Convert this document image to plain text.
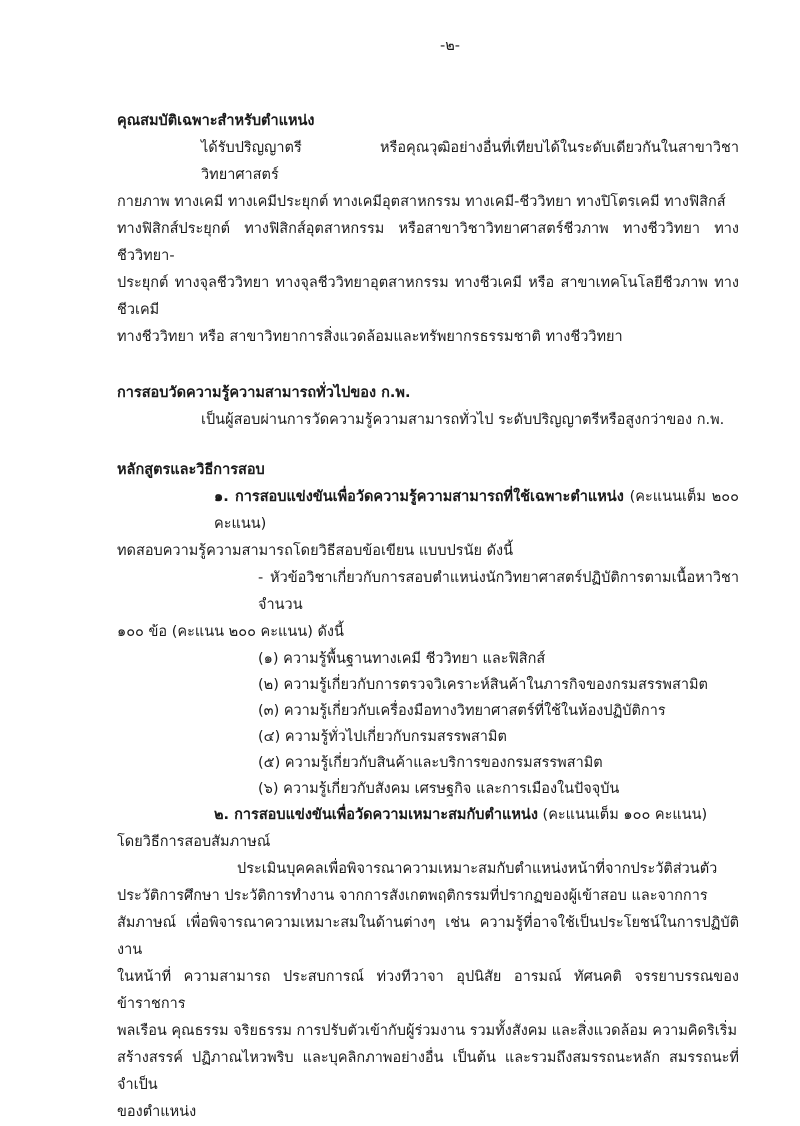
-๒-
คุณสมบัติเฉพาะสำหรับตำแหน่ง
ได้รับปริญญาตรี หรือคุณวุฒิอย่างอื่นที่เทียบได้ในระดับเดียวกันในสาขาวิชาวิทยาศาสตร์
กายภาพ ทางเคมี ทางเคมีประยุกต์ ทางเคมีอุตสาหกรรม ทางเคมี-ชีววิทยา ทางปิโตรเคมี ทางฟิสิกส์
ทางฟิสิกส์ประยุกต์ ทางฟิสิกส์อุตสาหกรรม หรือสาขาวิชาวิทยาศาสตร์ชีวภาพ ทางชีววิทยา ทางชีววิทยา-
ประยุกต์ ทางจุลชีววิทยา ทางจุลชีววิทยาอุตสาหกรรม ทางชีวเคมี หรือ สาขาเทคโนโลยีชีวภาพ ทางชีวเคมี
ทางชีววิทยา หรือ สาขาวิทยาการสิ่งแวดล้อมและทรัพยากรธรรมชาติ ทางชีววิทยา
การสอบวัดความรู้ความสามารถทั่วไปของ ก.พ.
เป็นผู้สอบผ่านการวัดความรู้ความสามารถทั่วไป ระดับปริญญาตรีหรือสูงกว่าของ ก.พ.
หลักสูตรและวิธีการสอบ
๑. การสอบแข่งขันเพื่อวัดความรู้ความสามารถที่ใช้เฉพาะตำแหน่ง (คะแนนเต็ม ๒๐๐ คะแนน)
ทดสอบความรู้ความสามารถโดยวิธีสอบข้อเขียน แบบปรนัย ดังนี้
- หัวข้อวิชาเกี่ยวกับการสอบตำแหน่งนักวิทยาศาสตร์ปฏิบัติการตามเนื้อหาวิชาจำนวน
๑๐๐ ข้อ (คะแนน ๒๐๐ คะแนน) ดังนี้
(๑) ความรู้พื้นฐานทางเคมี ชีววิทยา และฟิสิกส์
(๒) ความรู้เกี่ยวกับการตรวจวิเคราะห์สินค้าในภารกิจของกรมสรรพสามิต
(๓) ความรู้เกี่ยวกับเครื่องมือทางวิทยาศาสตร์ที่ใช้ในห้องปฏิบัติการ
(๔) ความรู้ทั่วไปเกี่ยวกับกรมสรรพสามิต
(๕) ความรู้เกี่ยวกับสินค้าและบริการของกรมสรรพสามิต
(๖) ความรู้เกี่ยวกับสังคม เศรษฐกิจ และการเมืองในปัจจุบัน
๒. การสอบแข่งขันเพื่อวัดความเหมาะสมกับตำแหน่ง (คะแนนเต็ม ๑๐๐ คะแนน)
โดยวิธีการสอบสัมภาษณ์
ประเมินบุคคลเพื่อพิจารณาความเหมาะสมกับตำแหน่งหน้าที่จากประวัติส่วนตัว
ประวัติการศึกษา ประวัติการทำงาน จากการสังเกตพฤติกรรมที่ปรากฏของผู้เข้าสอบ และจากการ
สัมภาษณ์ เพื่อพิจารณาความเหมาะสมในด้านต่างๆ เช่น ความรู้ที่อาจใช้เป็นประโยชน์ในการปฏิบัติงาน
ในหน้าที่ ความสามารถ ประสบการณ์ ท่วงทีวาจา อุปนิสัย อารมณ์ ทัศนคติ จรรยาบรรณของข้าราชการ
พลเรือน คุณธรรม จริยธรรม การปรับตัวเข้ากับผู้ร่วมงาน รวมทั้งสังคม และสิ่งแวดล้อม ความคิดริเริ่ม
สร้างสรรค์ ปฏิภาณไหวพริบ และบุคลิกภาพอย่างอื่น เป็นต้น และรวมถึงสมรรถนะหลัก สมรรถนะที่จำเป็น
ของตำแหน่ง
